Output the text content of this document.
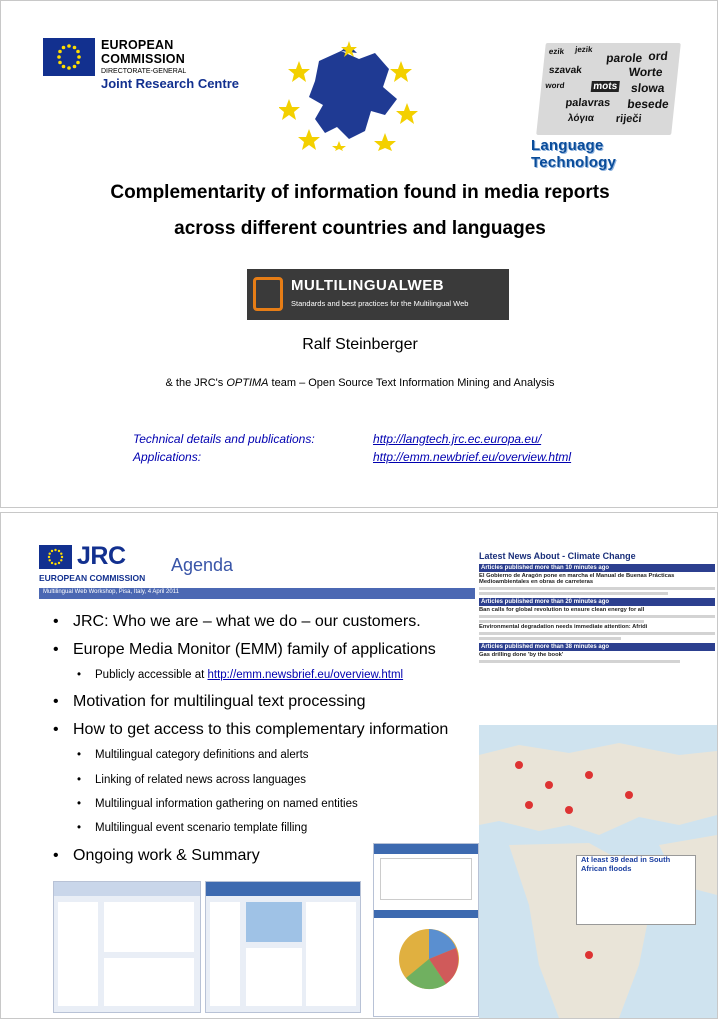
EUROPEAN COMMISSION
DIRECTORATE-GENERAL
Joint Research Centre
ezik jezik
parole ord
szavak	Worte
mots slowa
palavras besede
λόγια riječi
word
Language Technology
Complementarity of information found in media reports
across different countries and languages
MULTILINGUALWEB
Standards and best practices for the Multilingual Web
Ralf Steinberger
& the JRC's OPTIMA team – Open Source Text Information Mining and Analysis
Technical details and publications:	http://langtech.jrc.ec.europa.eu/
Applications:	http://emm.newbrief.eu/overview.html
JRC
EUROPEAN COMMISSION
Agenda
Multilingual Web Workshop, Pisa, Italy, 4 April 2011
• JRC: Who we are – what we do – our customers.
• Europe Media Monitor (EMM) family of applications
• Publicly accessible at http://emm.newsbrief.eu/overview.html
• Motivation for multilingual text processing
• How to get access to this complementary information
• Multilingual category definitions and alerts
• Linking of related news across languages
• Multilingual information gathering on named entities
• Multilingual event scenario template filling
• Ongoing work & Summary
Latest News About - Climate Change
Articles published more than 10 minutes ago
El Gobierno de Aragón pone en marcha el Manual de Buenas Prácticas Medioambientales en obras de carreteras
Articles published more than 20 minutes ago
Ban calls for global revolution to ensure clean energy for all
Environmental degradation needs immediate attention: Afridi
Articles published more than 38 minutes ago
Gas drilling done 'by the book'
At least 39 dead in South African floods
